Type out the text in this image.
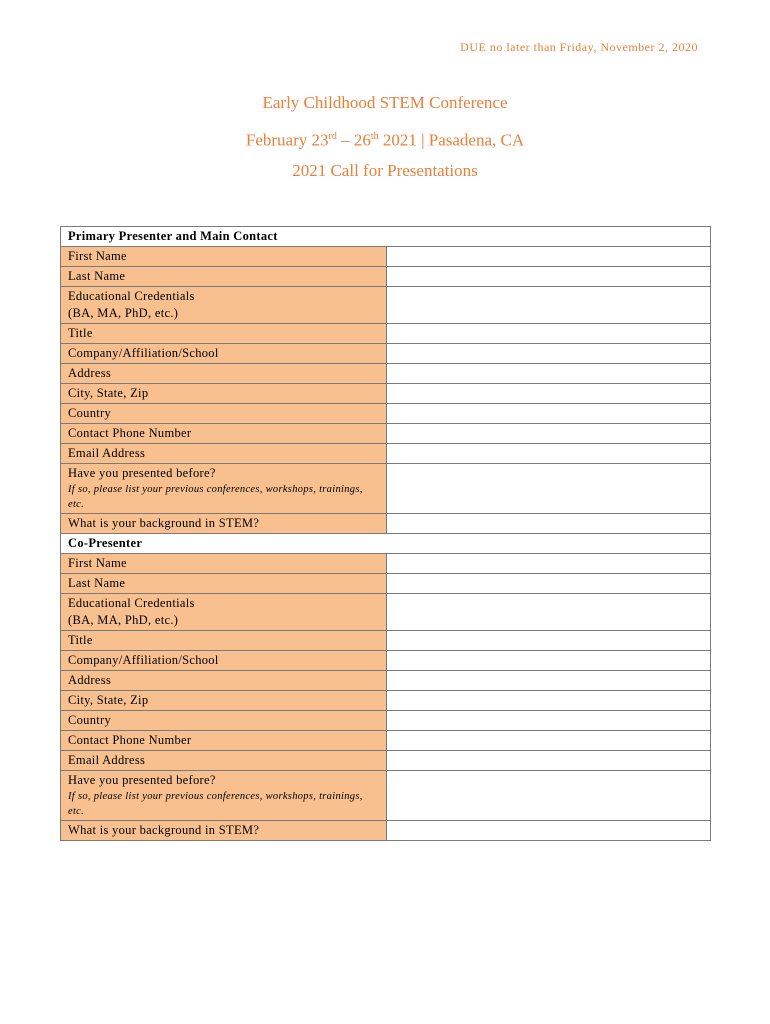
DUE no later than Friday, November 2, 2020

Early Childhood STEM Conference

February 23rd – 26th 2021 | Pasadena, CA

2021 Call for Presentations

Primary Presenter and Main Contact	
First Name	
Last Name	

Educational Credentials
(BA, MA, PhD, etc.)	

Title	
Company/Affiliation/School	
Address	
City, State, Zip	
Country	
Contact Phone Number	
Email Address	

Have you presented before?
If so, please list your previous conferences, workshops, trainings, etc.	

What is your background in STEM?	
Co-Presenter	
First Name	
Last Name	

Educational Credentials
(BA, MA, PhD, etc.)	

Title	
Company/Affiliation/School	
Address	
City, State, Zip	
Country	
Contact Phone Number	
Email Address	

Have you presented before?
If so, please list your previous conferences, workshops, trainings, etc.	

What is your background in STEM?	
